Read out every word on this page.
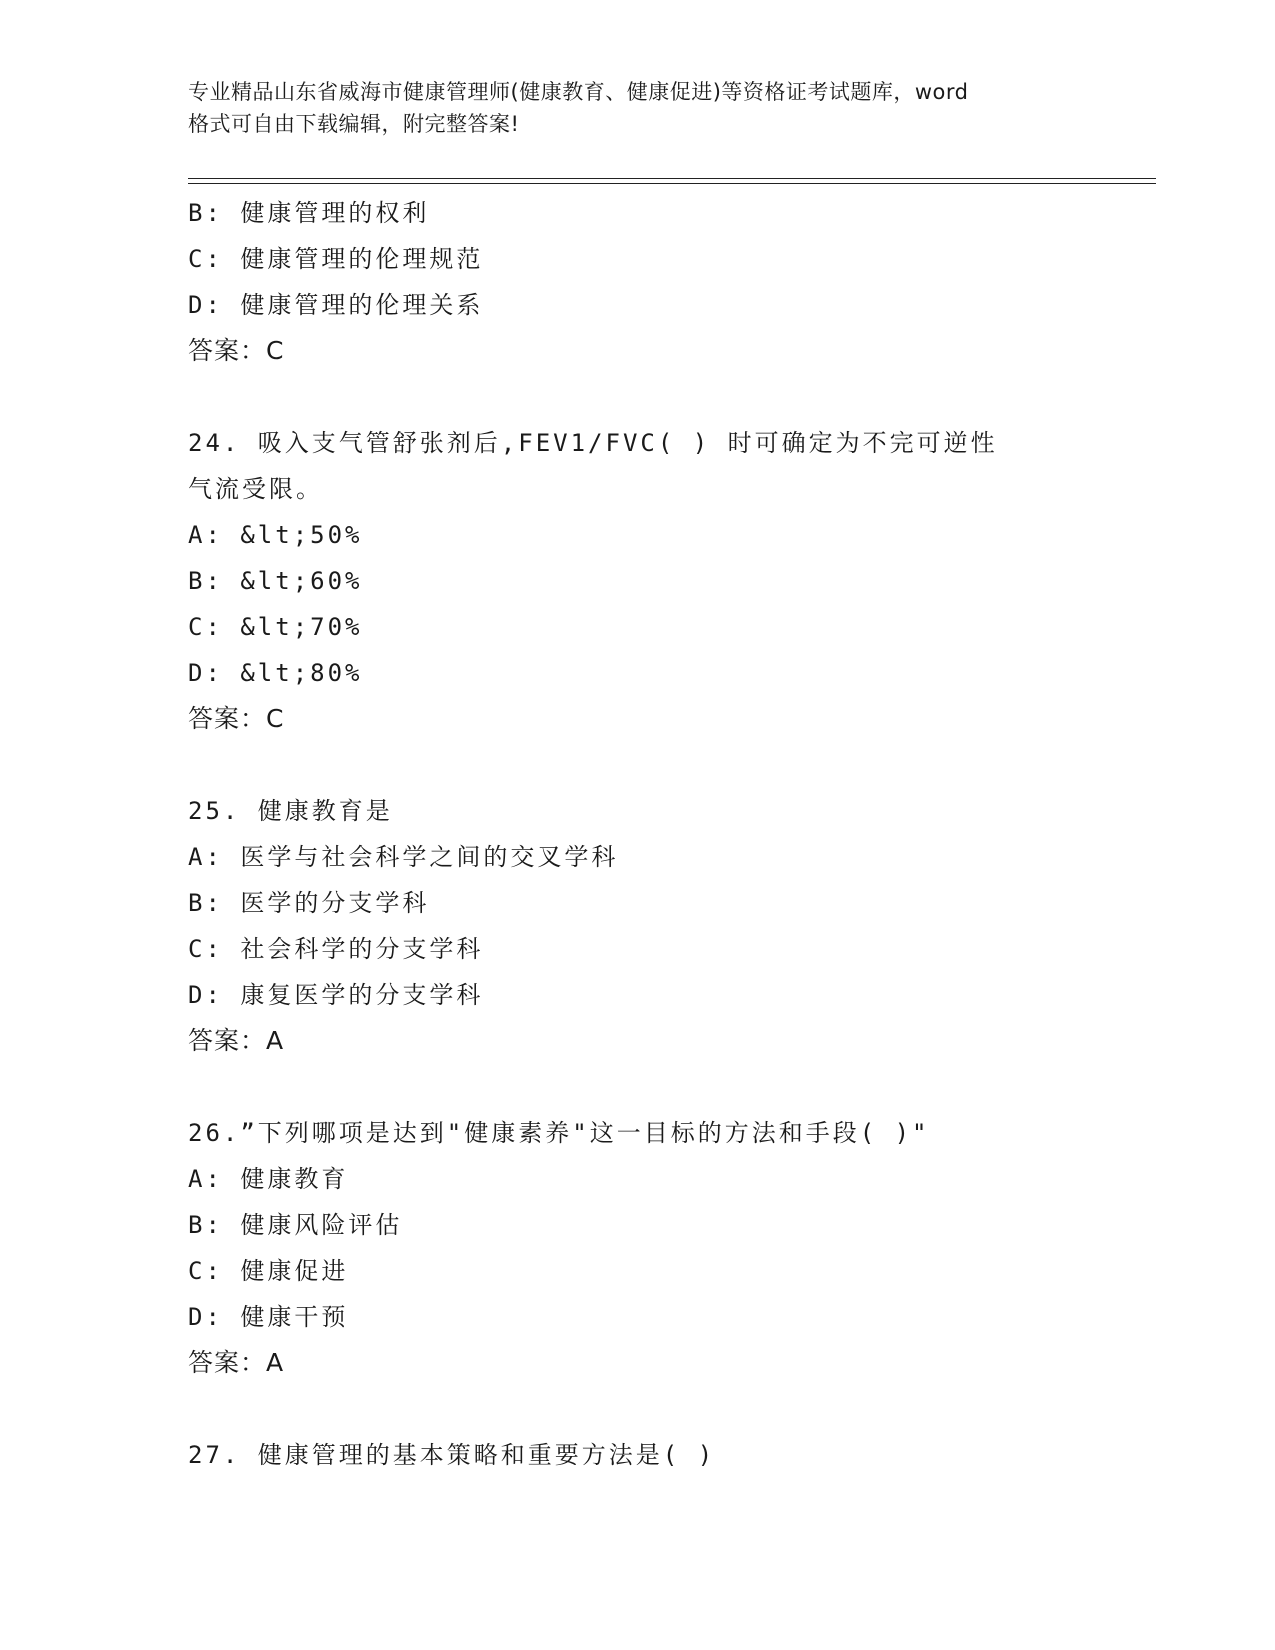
专业精品山东省威海市健康管理师(健康教育、健康促进)等资格证考试题库，word
格式可自由下载编辑，附完整答案!
B: 健康管理的权利
C: 健康管理的伦理规范
D: 健康管理的伦理关系
答案：C
24. 吸入支气管舒张剂后,FEV1/FVC( ) 时可确定为不完可逆性
气流受限。
A: &lt;50%
B: &lt;60%
C: &lt;70%
D: &lt;80%
答案：C
25. 健康教育是
A: 医学与社会科学之间的交叉学科
B: 医学的分支学科
C: 社会科学的分支学科
D: 康复医学的分支学科
答案：A
26.”下列哪项是达到"健康素养"这一目标的方法和手段( )"
A: 健康教育
B: 健康风险评估
C: 健康促进
D: 健康干预
答案：A
27. 健康管理的基本策略和重要方法是( )
